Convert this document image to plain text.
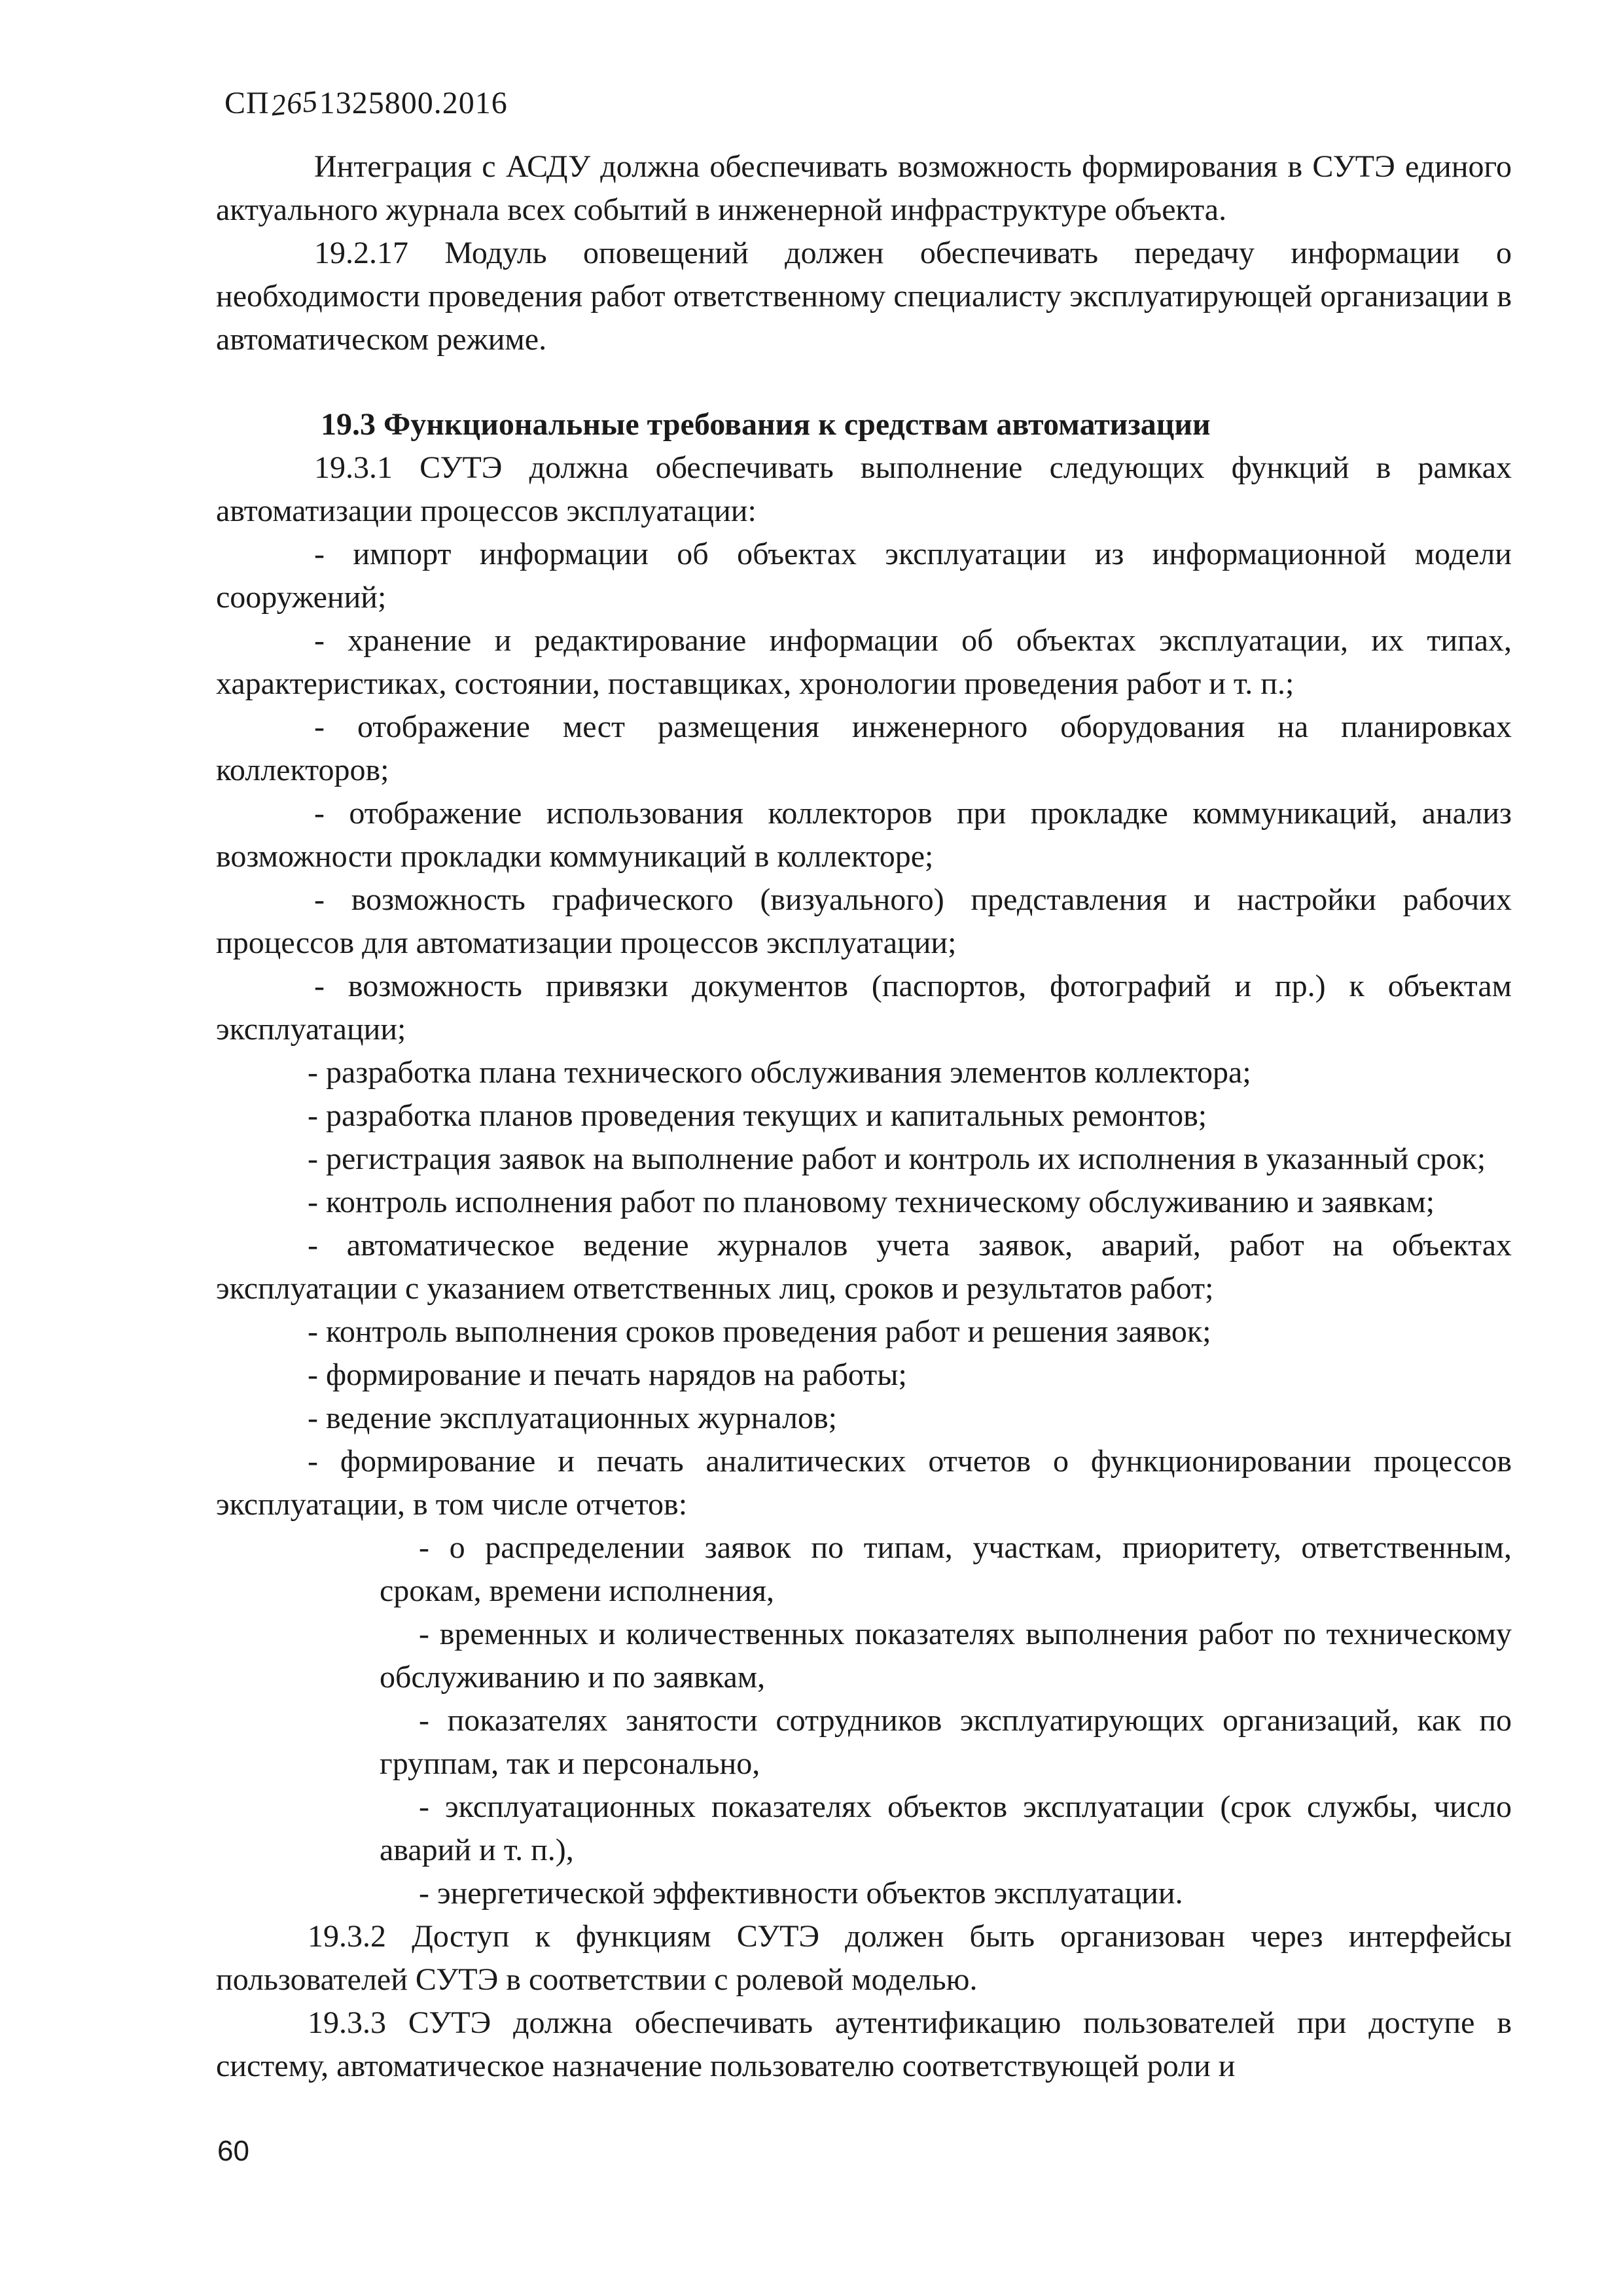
СП2651325800.2016

Интеграция с АСДУ должна обеспечивать возможность формирования в СУТЭ единого актуального журнала всех событий в инженерной инфраструктуре объекта.

19.2.17 Модуль оповещений должен обеспечивать передачу информации о необходимости проведения работ ответственному специалисту эксплуатирующей организации в автоматическом режиме.

19.3 Функциональные требования к средствам автоматизации

19.3.1 СУТЭ должна обеспечивать выполнение следующих функций в рамках автоматизации процессов эксплуатации:

- импорт информации об объектах эксплуатации из информационной модели сооружений;

- хранение и редактирование информации об объектах эксплуатации, их типах, характеристиках, состоянии, поставщиках, хронологии проведения работ и т. п.;

- отображение мест размещения инженерного оборудования на планировках коллекторов;

- отображение использования коллекторов при прокладке коммуникаций, анализ возможности прокладки коммуникаций в коллекторе;

- возможность графического (визуального) представления и настройки рабочих процессов для автоматизации процессов эксплуатации;

- возможность привязки документов (паспортов, фотографий и пр.) к объектам эксплуатации;

- разработка плана технического обслуживания элементов коллектора;

- разработка планов проведения текущих и капитальных ремонтов;

- регистрация заявок на выполнение работ и контроль их исполнения в указанный срок;

- контроль исполнения работ по плановому техническому обслуживанию и заявкам;

- автоматическое ведение журналов учета заявок, аварий, работ на объектах эксплуатации с указанием ответственных лиц, сроков и результатов работ;

- контроль выполнения сроков проведения работ и решения заявок;

- формирование и печать нарядов на работы;

- ведение эксплуатационных журналов;

- формирование и печать аналитических отчетов о функционировании процессов эксплуатации, в том числе отчетов:

- о распределении заявок по типам, участкам, приоритету, ответственным, срокам, времени исполнения,

- временных и количественных показателях выполнения работ по техническому обслуживанию и по заявкам,

- показателях занятости сотрудников эксплуатирующих организаций, как по группам, так и персонально,

- эксплуатационных показателях объектов эксплуатации (срок службы, число аварий и т. п.),

- энергетической эффективности объектов эксплуатации.

19.3.2 Доступ к функциям СУТЭ должен быть организован через интерфейсы пользователей СУТЭ в соответствии с ролевой моделью.

19.3.3 СУТЭ должна обеспечивать аутентификацию пользователей при доступе в систему, автоматическое назначение пользователю соответствующей роли и

60
